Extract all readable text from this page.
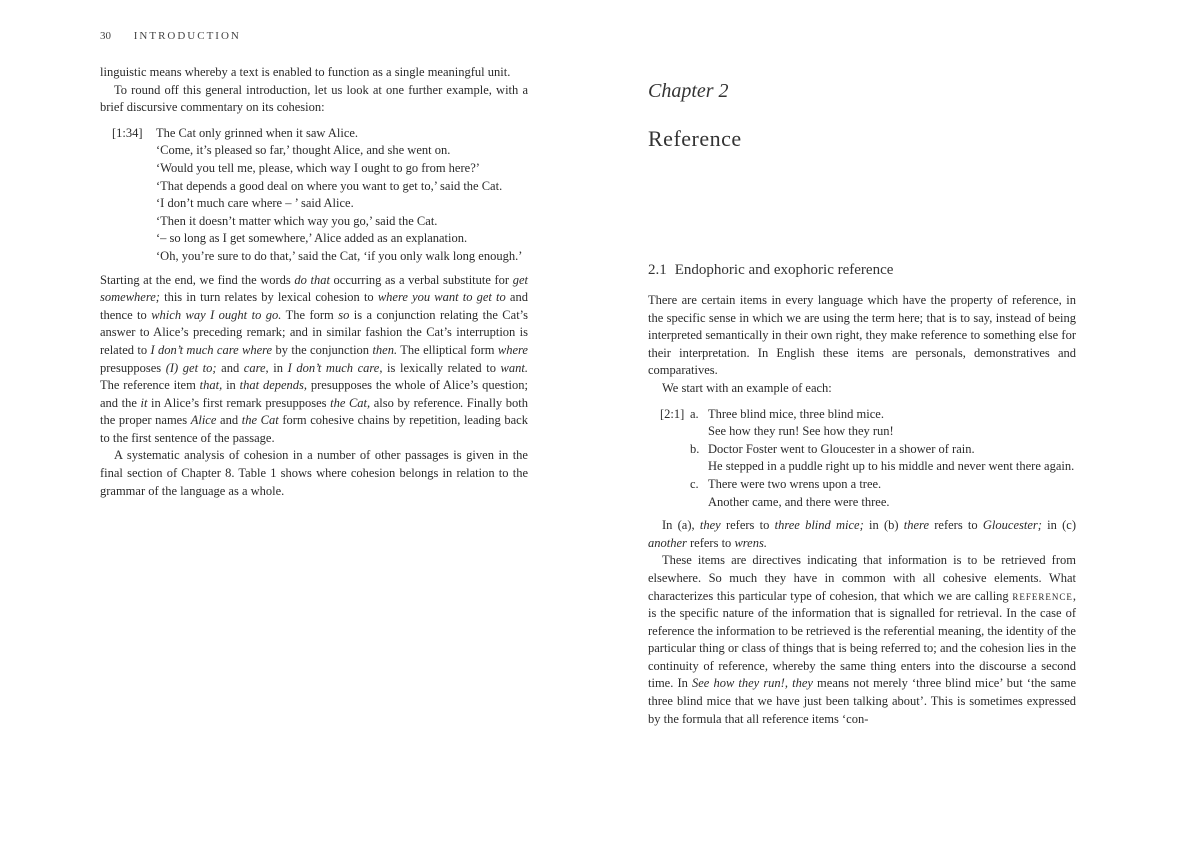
30 INTRODUCTION

linguistic means whereby a text is enabled to function as a single meaningful unit.

To round off this general introduction, let us look at one further example, with a brief discursive commentary on its cohesion:

[1:34]	The Cat only grinned when it saw Alice.

‘Come, it’s pleased so far,’ thought Alice, and she went on.

‘Would you tell me, please, which way I ought to go from here?’

‘That depends a good deal on where you want to get to,’ said the Cat.

‘I don’t much care where – ’ said Alice.

‘Then it doesn’t matter which way you go,’ said the Cat.

‘– so long as I get somewhere,’ Alice added as an explanation.

‘Oh, you’re sure to do that,’ said the Cat, ‘if you only walk long enough.’

Starting at the end, we find the words do that occurring as a verbal substitute for get somewhere; this in turn relates by lexical cohesion to where you want to get to and thence to which way I ought to go. The form so is a conjunction relating the Cat’s answer to Alice’s preceding remark; and in similar fashion the Cat’s interruption is related to I don’t much care where by the conjunction then. The elliptical form where presupposes (I) get to; and care, in I don’t much care, is lexically related to want. The reference item that, in that depends, presupposes the whole of Alice’s question; and the it in Alice’s first remark presupposes the Cat, also by reference. Finally both the proper names Alice and the Cat form cohesive chains by repetition, leading back to the first sentence of the passage.

A systematic analysis of cohesion in a number of other passages is given in the final section of Chapter 8. Table 1 shows where cohesion belongs in relation to the grammar of the language as a whole.

Chapter 2
Reference
2.1 Endophoric and exophoric reference

There are certain items in every language which have the property of reference, in the specific sense in which we are using the term here; that is to say, instead of being interpreted semantically in their own right, they make reference to something else for their interpretation. In English these items are personals, demonstratives and comparatives.

We start with an example of each:

[2:1] a. Three blind mice, three blind mice.

See how they run! See how they run!

b. Doctor Foster went to Gloucester in a shower of rain.

He stepped in a puddle right up to his middle and never went there again.

c. There were two wrens upon a tree.

Another came, and there were three.

In (a), they refers to three blind mice; in (b) there refers to Gloucester; in (c) another refers to wrens.

These items are directives indicating that information is to be retrieved from elsewhere. So much they have in common with all cohesive elements. What characterizes this particular type of cohesion, that which we are calling reference, is the specific nature of the information that is signalled for retrieval. In the case of reference the information to be retrieved is the referential meaning, the identity of the particular thing or class of things that is being referred to; and the cohesion lies in the continuity of reference, whereby the same thing enters into the discourse a second time. In See how they run!, they means not merely ‘three blind mice’ but ‘the same three blind mice that we have just been talking about’. This is sometimes expressed by the formula that all reference items ‘con-
